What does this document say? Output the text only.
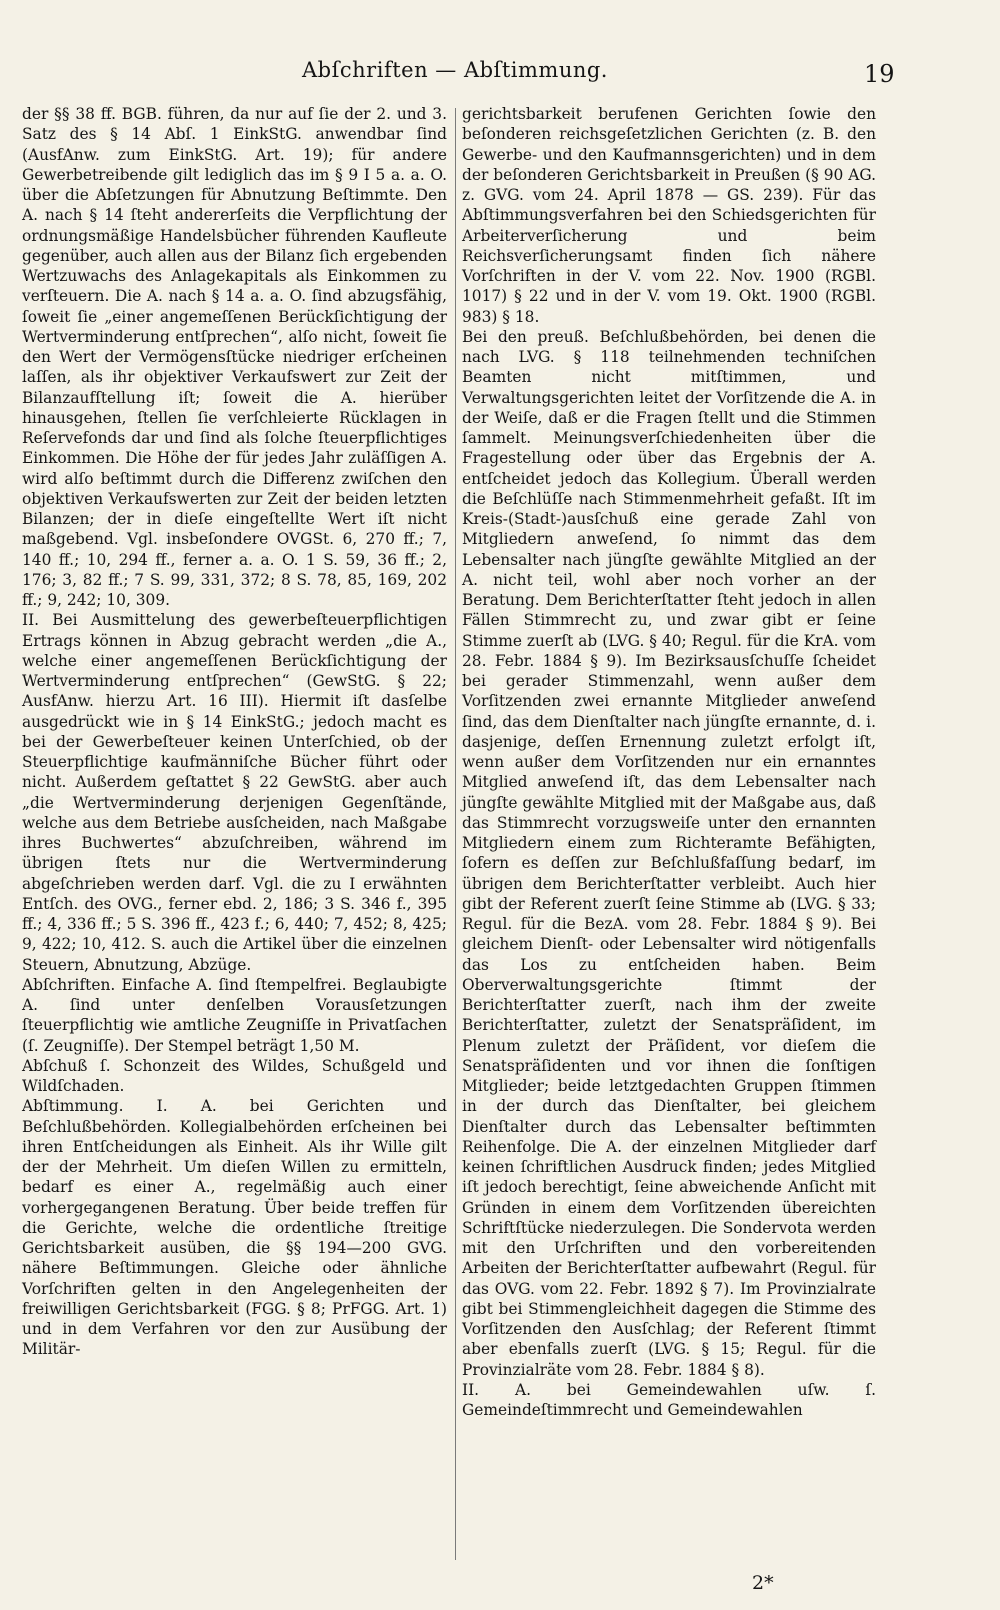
Abſchriften — Abſtimmung.	19

der §§ 38 ff. BGB. führen, da nur auf ſie der 2. und 3. Satz des § 14 Abſ. 1 EinkStG. anwendbar ſind (AusfAnw. zum EinkStG. Art. 19); für andere Gewerbetreibende gilt lediglich das im § 9 I 5 a. a. O. über die Abſetzungen für Abnutzung Beſtimmte. Den A. nach § 14 ſteht andererſeits die Verpflichtung der ordnungsmäßige Handelsbücher führenden Kaufleute gegenüber, auch allen aus der Bilanz ſich ergebenden Wertzuwachs des Anlagekapitals als Einkommen zu verſteuern. Die A. nach § 14 a. a. O. ſind abzugsfähig, ſoweit ſie „einer angemeſſenen Berückſichtigung der Wertverminderung entſprechen“, alſo nicht, ſoweit ſie den Wert der Vermögensſtücke niedriger erſcheinen laſſen, als ihr objektiver Verkaufswert zur Zeit der Bilanzaufſtellung iſt; ſoweit die A. hierüber hinausgehen, ſtellen ſie verſchleierte Rücklagen in Reſervefonds dar und ſind als ſolche ſteuerpflichtiges Einkommen. Die Höhe der für jedes Jahr zuläſſigen A. wird alſo beſtimmt durch die Differenz zwiſchen den objektiven Verkaufswerten zur Zeit der beiden letzten Bilanzen; der in dieſe eingeſtellte Wert iſt nicht maßgebend. Vgl. insbeſondere OVGSt. 6, 270 ff.; 7, 140 ff.; 10, 294 ff., ferner a. a. O. 1 S. 59, 36 ff.; 2, 176; 3, 82 ff.; 7 S. 99, 331, 372; 8 S. 78, 85, 169, 202 ff.; 9, 242; 10, 309.

II. Bei Ausmittelung des gewerbeſteuerpflichtigen Ertrags können in Abzug gebracht werden „die A., welche einer angemeſſenen Berückſichtigung der Wertverminderung entſprechen“ (GewStG. § 22; AusfAnw. hierzu Art. 16 III). Hiermit iſt dasſelbe ausgedrückt wie in § 14 EinkStG.; jedoch macht es bei der Gewerbeſteuer keinen Unterſchied, ob der Steuerpflichtige kaufmänniſche Bücher führt oder nicht. Außerdem geſtattet § 22 GewStG. aber auch „die Wertverminderung derjenigen Gegenſtände, welche aus dem Betriebe ausſcheiden, nach Maßgabe ihres Buchwertes“ abzuſchreiben, während im übrigen ſtets nur die Wertverminderung abgeſchrieben werden darf. Vgl. die zu I erwähnten Entſch. des OVG., ferner ebd. 2, 186; 3 S. 346 f., 395 ff.; 4, 336 ff.; 5 S. 396 ff., 423 f.; 6, 440; 7, 452; 8, 425; 9, 422; 10, 412. S. auch die Artikel über die einzelnen Steuern, Abnutzung, Abzüge.

Abſchriften. Einfache A. ſind ſtempelfrei. Beglaubigte A. ſind unter denſelben Vorausſetzungen ſteuerpflichtig wie amtliche Zeugniſſe in Privatſachen (ſ. Zeugniſſe). Der Stempel beträgt 1,50 M.

Abſchuß ſ. Schonzeit des Wildes, Schußgeld und Wildſchaden.

Abſtimmung. I. A. bei Gerichten und Beſchlußbehörden. Kollegialbehörden erſcheinen bei ihren Entſcheidungen als Einheit. Als ihr Wille gilt der der Mehrheit. Um dieſen Willen zu ermitteln, bedarf es einer A., regelmäßig auch einer vorhergegangenen Beratung. Über beide treffen für die Gerichte, welche die ordentliche ſtreitige Gerichtsbarkeit ausüben, die §§ 194—200 GVG. nähere Beſtimmungen. Gleiche oder ähnliche Vorſchriften gelten in den Angelegenheiten der freiwilligen Gerichtsbarkeit (FGG. § 8; PrFGG. Art. 1) und in dem Verfahren vor den zur Ausübung der Militär-

gerichtsbarkeit berufenen Gerichten ſowie den beſonderen reichsgeſetzlichen Gerichten (z. B. den Gewerbe- und den Kaufmannsgerichten) und in dem der beſonderen Gerichtsbarkeit in Preußen (§ 90 AG. z. GVG. vom 24. April 1878 — GS. 239). Für das Abſtimmungsverfahren bei den Schiedsgerichten für Arbeiterverſicherung und beim Reichsverſicherungsamt finden ſich nähere Vorſchriften in der V. vom 22. Nov. 1900 (RGBl. 1017) § 22 und in der V. vom 19. Okt. 1900 (RGBl. 983) § 18.

Bei den preuß. Beſchlußbehörden, bei denen die nach LVG. § 118 teilnehmenden techniſchen Beamten nicht mitſtimmen, und Verwaltungsgerichten leitet der Vorſitzende die A. in der Weiſe, daß er die Fragen ſtellt und die Stimmen ſammelt. Meinungsverſchiedenheiten über die Fragestellung oder über das Ergebnis der A. entſcheidet jedoch das Kollegium. Überall werden die Beſchlüſſe nach Stimmenmehrheit gefaßt. Iſt im Kreis-(Stadt-)ausſchuß eine gerade Zahl von Mitgliedern anweſend, ſo nimmt das dem Lebensalter nach jüngſte gewählte Mitglied an der A. nicht teil, wohl aber noch vorher an der Beratung. Dem Berichterſtatter ſteht jedoch in allen Fällen Stimmrecht zu, und zwar gibt er ſeine Stimme zuerſt ab (LVG. § 40; Regul. für die KrA. vom 28. Febr. 1884 § 9). Im Bezirksausſchuſſe ſcheidet bei gerader Stimmenzahl, wenn außer dem Vorſitzenden zwei ernannte Mitglieder anweſend ſind, das dem Dienſtalter nach jüngſte ernannte, d. i. dasjenige, deſſen Ernennung zuletzt erfolgt iſt, wenn außer dem Vorſitzenden nur ein ernanntes Mitglied anweſend iſt, das dem Lebensalter nach jüngſte gewählte Mitglied mit der Maßgabe aus, daß das Stimmrecht vorzugsweiſe unter den ernannten Mitgliedern einem zum Richteramte Befähigten, ſofern es deſſen zur Beſchlußfaſſung bedarf, im übrigen dem Berichterſtatter verbleibt. Auch hier gibt der Referent zuerſt ſeine Stimme ab (LVG. § 33; Regul. für die BezA. vom 28. Febr. 1884 § 9). Bei gleichem Dienſt- oder Lebensalter wird nötigenfalls das Los zu entſcheiden haben. Beim Oberverwaltungsgerichte ſtimmt der Berichterſtatter zuerſt, nach ihm der zweite Berichterſtatter, zuletzt der Senatspräſident, im Plenum zuletzt der Präſident, vor dieſem die Senatspräſidenten und vor ihnen die ſonſtigen Mitglieder; beide letztgedachten Gruppen ſtimmen in der durch das Dienſtalter, bei gleichem Dienſtalter durch das Lebensalter beſtimmten Reihenfolge. Die A. der einzelnen Mitglieder darf keinen ſchriftlichen Ausdruck finden; jedes Mitglied iſt jedoch berechtigt, ſeine abweichende Anſicht mit Gründen in einem dem Vorſitzenden übereichten Schriftſtücke niederzulegen. Die Sondervota werden mit den Urſchriften und den vorbereitenden Arbeiten der Berichterſtatter aufbewahrt (Regul. für das OVG. vom 22. Febr. 1892 § 7). Im Provinzialrate gibt bei Stimmengleichheit dagegen die Stimme des Vorſitzenden den Ausſchlag; der Referent ſtimmt aber ebenfalls zuerſt (LVG. § 15; Regul. für die Provinzialräte vom 28. Febr. 1884 § 8).

II. A. bei Gemeindewahlen uſw. ſ. Gemeindeſtimmrecht und Gemeindewahlen

2*
